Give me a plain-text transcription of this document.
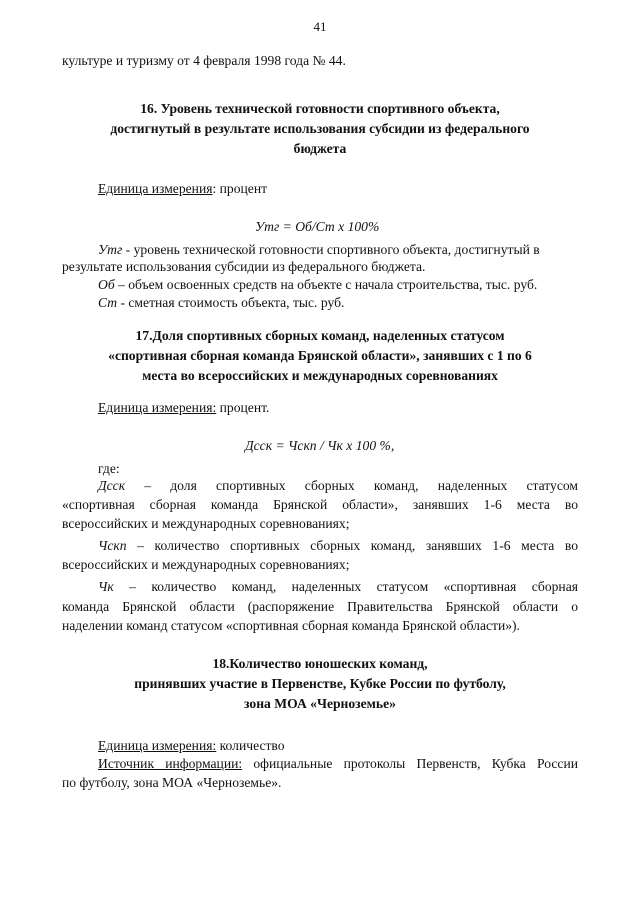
41
культуре и туризму от 4 февраля 1998 года № 44.
16. Уровень технической готовности спортивного объекта,
достигнутый в результате использования субсидии из федерального
бюджета
Единица измерения: процент
Утг = Об/Ст х 100%
Утг - уровень технической готовности спортивного объекта, достигнутый в
результате использования субсидии из федерального бюджета.
Об – объем освоенных средств на объекте с начала строительства, тыс. руб.
Ст - сметная стоимость объекта, тыс. руб.
17.Доля спортивных сборных команд, наделенных статусом
«спортивная сборная команда Брянской области», занявших с 1 по 6
места во всероссийских и международных соревнованиях
Единица измерения: процент.
Дсск = Чскп / Чк х 100 %,
где:
Дсск – доля спортивных сборных команд, наделенных статусом
«спортивная сборная команда Брянской области», занявших 1-6 места во
всероссийских и международных соревнованиях;
Чскп – количество спортивных сборных команд, занявших 1-6 места во
всероссийских и международных соревнованиях;
Чк – количество команд, наделенных статусом «спортивная сборная
команда Брянской области (распоряжение Правительства Брянской области о
наделении команд статусом «спортивная сборная команда Брянской области»).
18.Количество юношеских команд,
принявших участие в Первенстве, Кубке России по футболу,
зона МОА «Черноземье»
Единица измерения: количество
Источник информации: официальные протоколы Первенств, Кубка России
по футболу, зона МОА «Черноземье».
